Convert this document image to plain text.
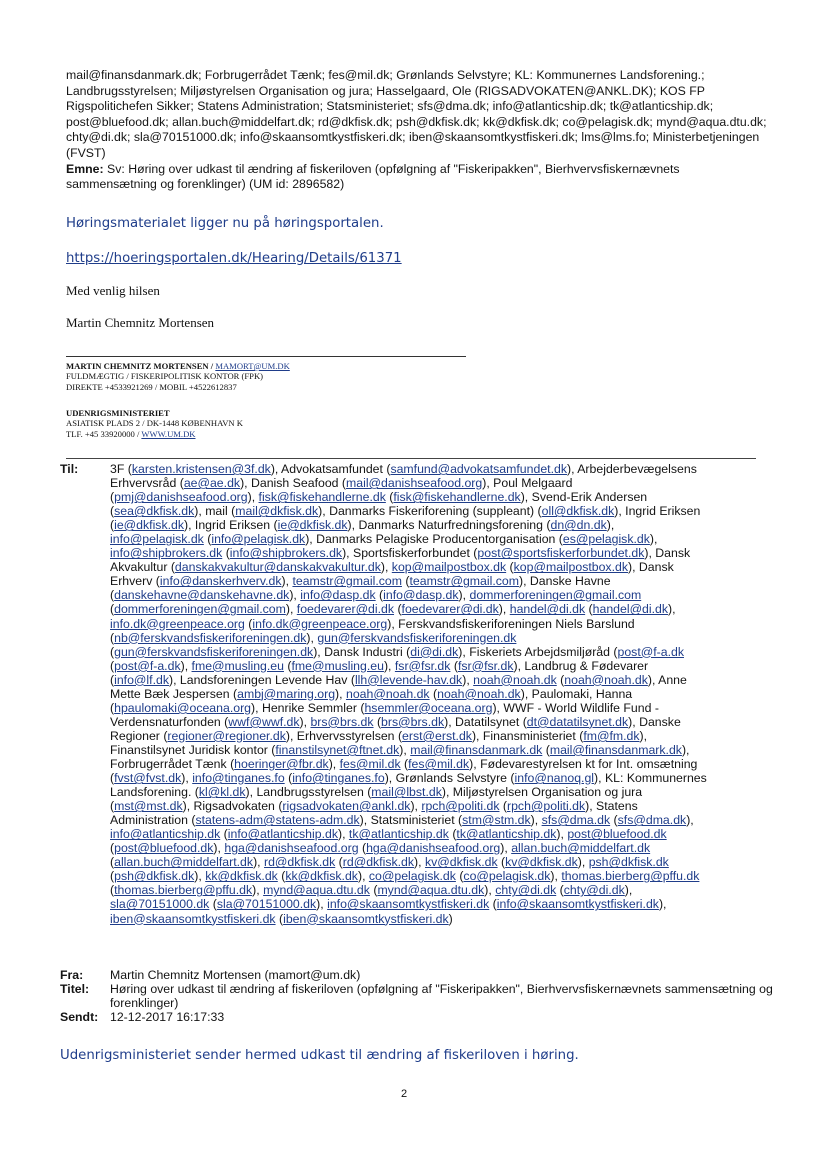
mail@finansdanmark.dk; Forbrugerrådet Tænk; fes@mil.dk; Grønlands Selvstyre; KL: Kommunernes Landsforening.; Landbrugsstyrelsen; Miljøstyrelsen Organisation og jura; Hasselgaard, Ole (RIGSADVOKATEN@ANKL.DK); KOS FP Rigspolitichefen Sikker; Statens Administration; Statsministeriet; sfs@dma.dk; info@atlanticship.dk; tk@atlanticship.dk; post@bluefood.dk; allan.buch@middelfart.dk; rd@dkfisk.dk; psh@dkfisk.dk; kk@dkfisk.dk; co@pelagisk.dk; mynd@aqua.dtu.dk; chty@di.dk; sla@70151000.dk; info@skaansomtkystfiskeri.dk; iben@skaansomtkystfiskeri.dk; lms@lms.fo; Ministerbetjeningen (FVST)

Emne: Sv: Høring over udkast til ændring af fiskeriloven (opfølgning af "Fiskeripakken", Bierhvervsfiskernævnets sammensætning og forenklinger) (UM id: 2896582)

Høringsmaterialet ligger nu på høringsportalen.
https://hoeringsportalen.dk/Hearing/Details/61371
Med venlig hilsen
Martin Chemnitz Mortensen

MARTIN CHEMNITZ MORTENSEN / MAMORT@UM.DK

FULDMÆGTIG / FISKERIPOLITISK KONTOR (FPK)

DIREKTE +4533921269 / MOBIL +4522612837

UDENRIGSMINISTERIET

ASIATISK PLADS 2 / DK-1448 KØBENHAVN K

TLF. +45 33920000 / WWW.UM.DK

Til:	3F (karsten.kristensen@3f.dk), Advokatsamfundet (samfund@advokatsamfundet.dk), Arbejderbevægelsens
Erhvervsråd (ae@ae.dk), Danish Seafood (mail@danishseafood.org), Poul Melgaard
(pmj@danishseafood.org), fisk@fiskehandlerne.dk (fisk@fiskehandlerne.dk), Svend-Erik Andersen
(sea@dkfisk.dk), mail (mail@dkfisk.dk), Danmarks Fiskeriforening (suppleant) (oll@dkfisk.dk), Ingrid Eriksen
(ie@dkfisk.dk), Ingrid Eriksen (ie@dkfisk.dk), Danmarks Naturfredningsforening (dn@dn.dk),
info@pelagisk.dk (info@pelagisk.dk), Danmarks Pelagiske Producentorganisation (es@pelagisk.dk),
info@shipbrokers.dk (info@shipbrokers.dk), Sportsfiskerforbundet (post@sportsfiskerforbundet.dk), Dansk
Akvakultur (danskakvakultur@danskakvakultur.dk), kop@mailpostbox.dk (kop@mailpostbox.dk), Dansk
Erhverv (info@danskerhverv.dk), teamstr@gmail.com (teamstr@gmail.com), Danske Havne
(danskehavne@danskehavne.dk), info@dasp.dk (info@dasp.dk), dommerforeningen@gmail.com
(dommerforeningen@gmail.com), foedevarer@di.dk (foedevarer@di.dk), handel@di.dk (handel@di.dk),
info.dk@greenpeace.org (info.dk@greenpeace.org), Ferskvandsfiskeriforeningen Niels Barslund
(nb@ferskvandsfiskeriforeningen.dk), gun@ferskvandsfiskeriforeningen.dk
(gun@ferskvandsfiskeriforeningen.dk), Dansk Industri (di@di.dk), Fiskeriets Arbejdsmiljøråd (post@f-a.dk
(post@f-a.dk), fme@musling.eu (fme@musling.eu), fsr@fsr.dk (fsr@fsr.dk), Landbrug & Fødevarer
(info@lf.dk), Landsforeningen Levende Hav (llh@levende-hav.dk), noah@noah.dk (noah@noah.dk), Anne
Mette Bæk Jespersen (ambj@maring.org), noah@noah.dk (noah@noah.dk), Paulomaki, Hanna
(hpaulomaki@oceana.org), Henrike Semmler (hsemmler@oceana.org), WWF - World Wildlife Fund -
Verdensnaturfonden (wwf@wwf.dk), brs@brs.dk (brs@brs.dk), Datatilsynet (dt@datatilsynet.dk), Danske
Regioner (regioner@regioner.dk), Erhvervsstyrelsen (erst@erst.dk), Finansministeriet (fm@fm.dk),
Finanstilsynet Juridisk kontor (finanstilsynet@ftnet.dk), mail@finansdanmark.dk (mail@finansdanmark.dk),
Forbrugerrådet Tænk (hoeringer@fbr.dk), fes@mil.dk (fes@mil.dk), Fødevarestyrelsen kt for Int. omsætning
(fvst@fvst.dk), info@tinganes.fo (info@tinganes.fo), Grønlands Selvstyre (info@nanoq.gl), KL: Kommunernes
Landsforening. (kl@kl.dk), Landbrugsstyrelsen (mail@lbst.dk), Miljøstyrelsen Organisation og jura
(mst@mst.dk), Rigsadvokaten (rigsadvokaten@ankl.dk), rpch@politi.dk (rpch@politi.dk), Statens
Administration (statens-adm@statens-adm.dk), Statsministeriet (stm@stm.dk), sfs@dma.dk (sfs@dma.dk),
info@atlanticship.dk (info@atlanticship.dk), tk@atlanticship.dk (tk@atlanticship.dk), post@bluefood.dk
(post@bluefood.dk), hga@danishseafood.org (hga@danishseafood.org), allan.buch@middelfart.dk
(allan.buch@middelfart.dk), rd@dkfisk.dk (rd@dkfisk.dk), kv@dkfisk.dk (kv@dkfisk.dk), psh@dkfisk.dk
(psh@dkfisk.dk), kk@dkfisk.dk (kk@dkfisk.dk), co@pelagisk.dk (co@pelagisk.dk), thomas.bierberg@pffu.dk
(thomas.bierberg@pffu.dk), mynd@aqua.dtu.dk (mynd@aqua.dtu.dk), chty@di.dk (chty@di.dk),
sla@70151000.dk (sla@70151000.dk), info@skaansomtkystfiskeri.dk (info@skaansomtkystfiskeri.dk),
iben@skaansomtkystfiskeri.dk (iben@skaansomtkystfiskeri.dk)
Fra:	Martin Chemnitz Mortensen (mamort@um.dk)
Titel:	Høring over udkast til ændring af fiskeriloven (opfølgning af "Fiskeripakken", Bierhvervsfiskernævnets sammensætning og forenklinger)
Sendt:	12-12-2017 16:17:33
Udenrigsministeriet sender hermed udkast til ændring af fiskeriloven i høring.
2
